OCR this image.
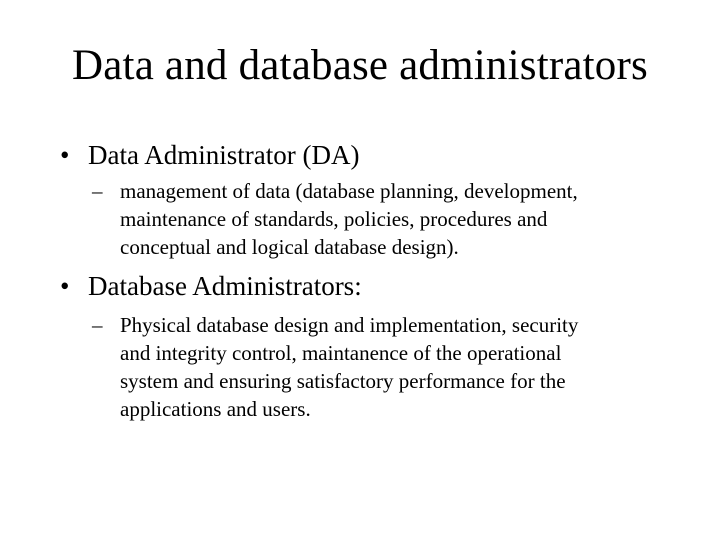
Data and database administrators
• Data Administrator (DA)
– management of data (database planning, development,
maintenance of standards, policies, procedures and
conceptual and logical database design).
• Database Administrators:
– Physical database design and implementation, security
and integrity control, maintanence of the operational
system and ensuring satisfactory performance for the
applications and users.
